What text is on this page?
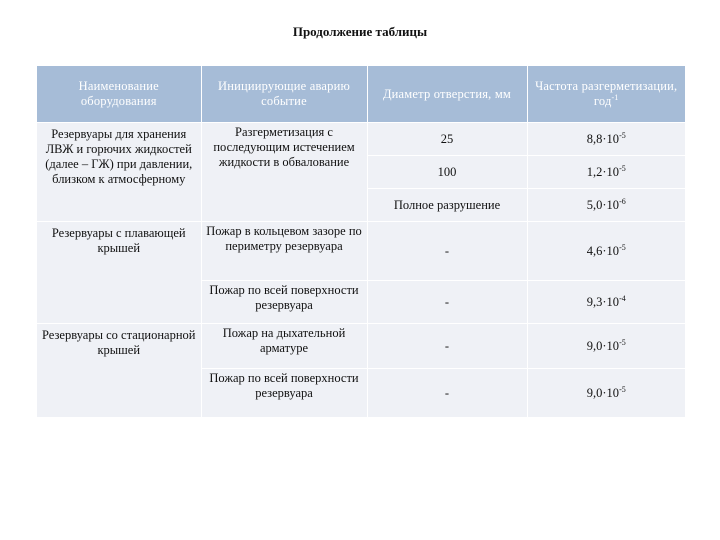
Продолжение таблицы
Наименование оборудования	Инициирующие аварию событие	Диаметр отверстия, мм	Частота разгерметизации, год$^{-1}$
Резервуары для хранения ЛВЖ и горючих жидкостей (далее – ГЖ) при давлении, близком к атмосферному	Разгерметизация с последующим истечением жидкости в обвалование	25	$8,8\cdot 10^{-5}$
		100	$1,2\cdot 10^{-5}$
		Полное разрушение	$5,0\cdot 10^{-6}$
Резервуары с плавающей крышей	Пожар в кольцевом зазоре по периметру резервуара	-	$4,6\cdot 10^{-5}$
	Пожар по всей поверхности резервуара	-	$9,3\cdot 10^{-4}$
Резервуары со стационарной крышей	Пожар на дыхательной арматуре	-	$9,0\cdot 10^{-5}$
	Пожар по всей поверхности резервуара	-	$9,0\cdot 10^{-5}$
